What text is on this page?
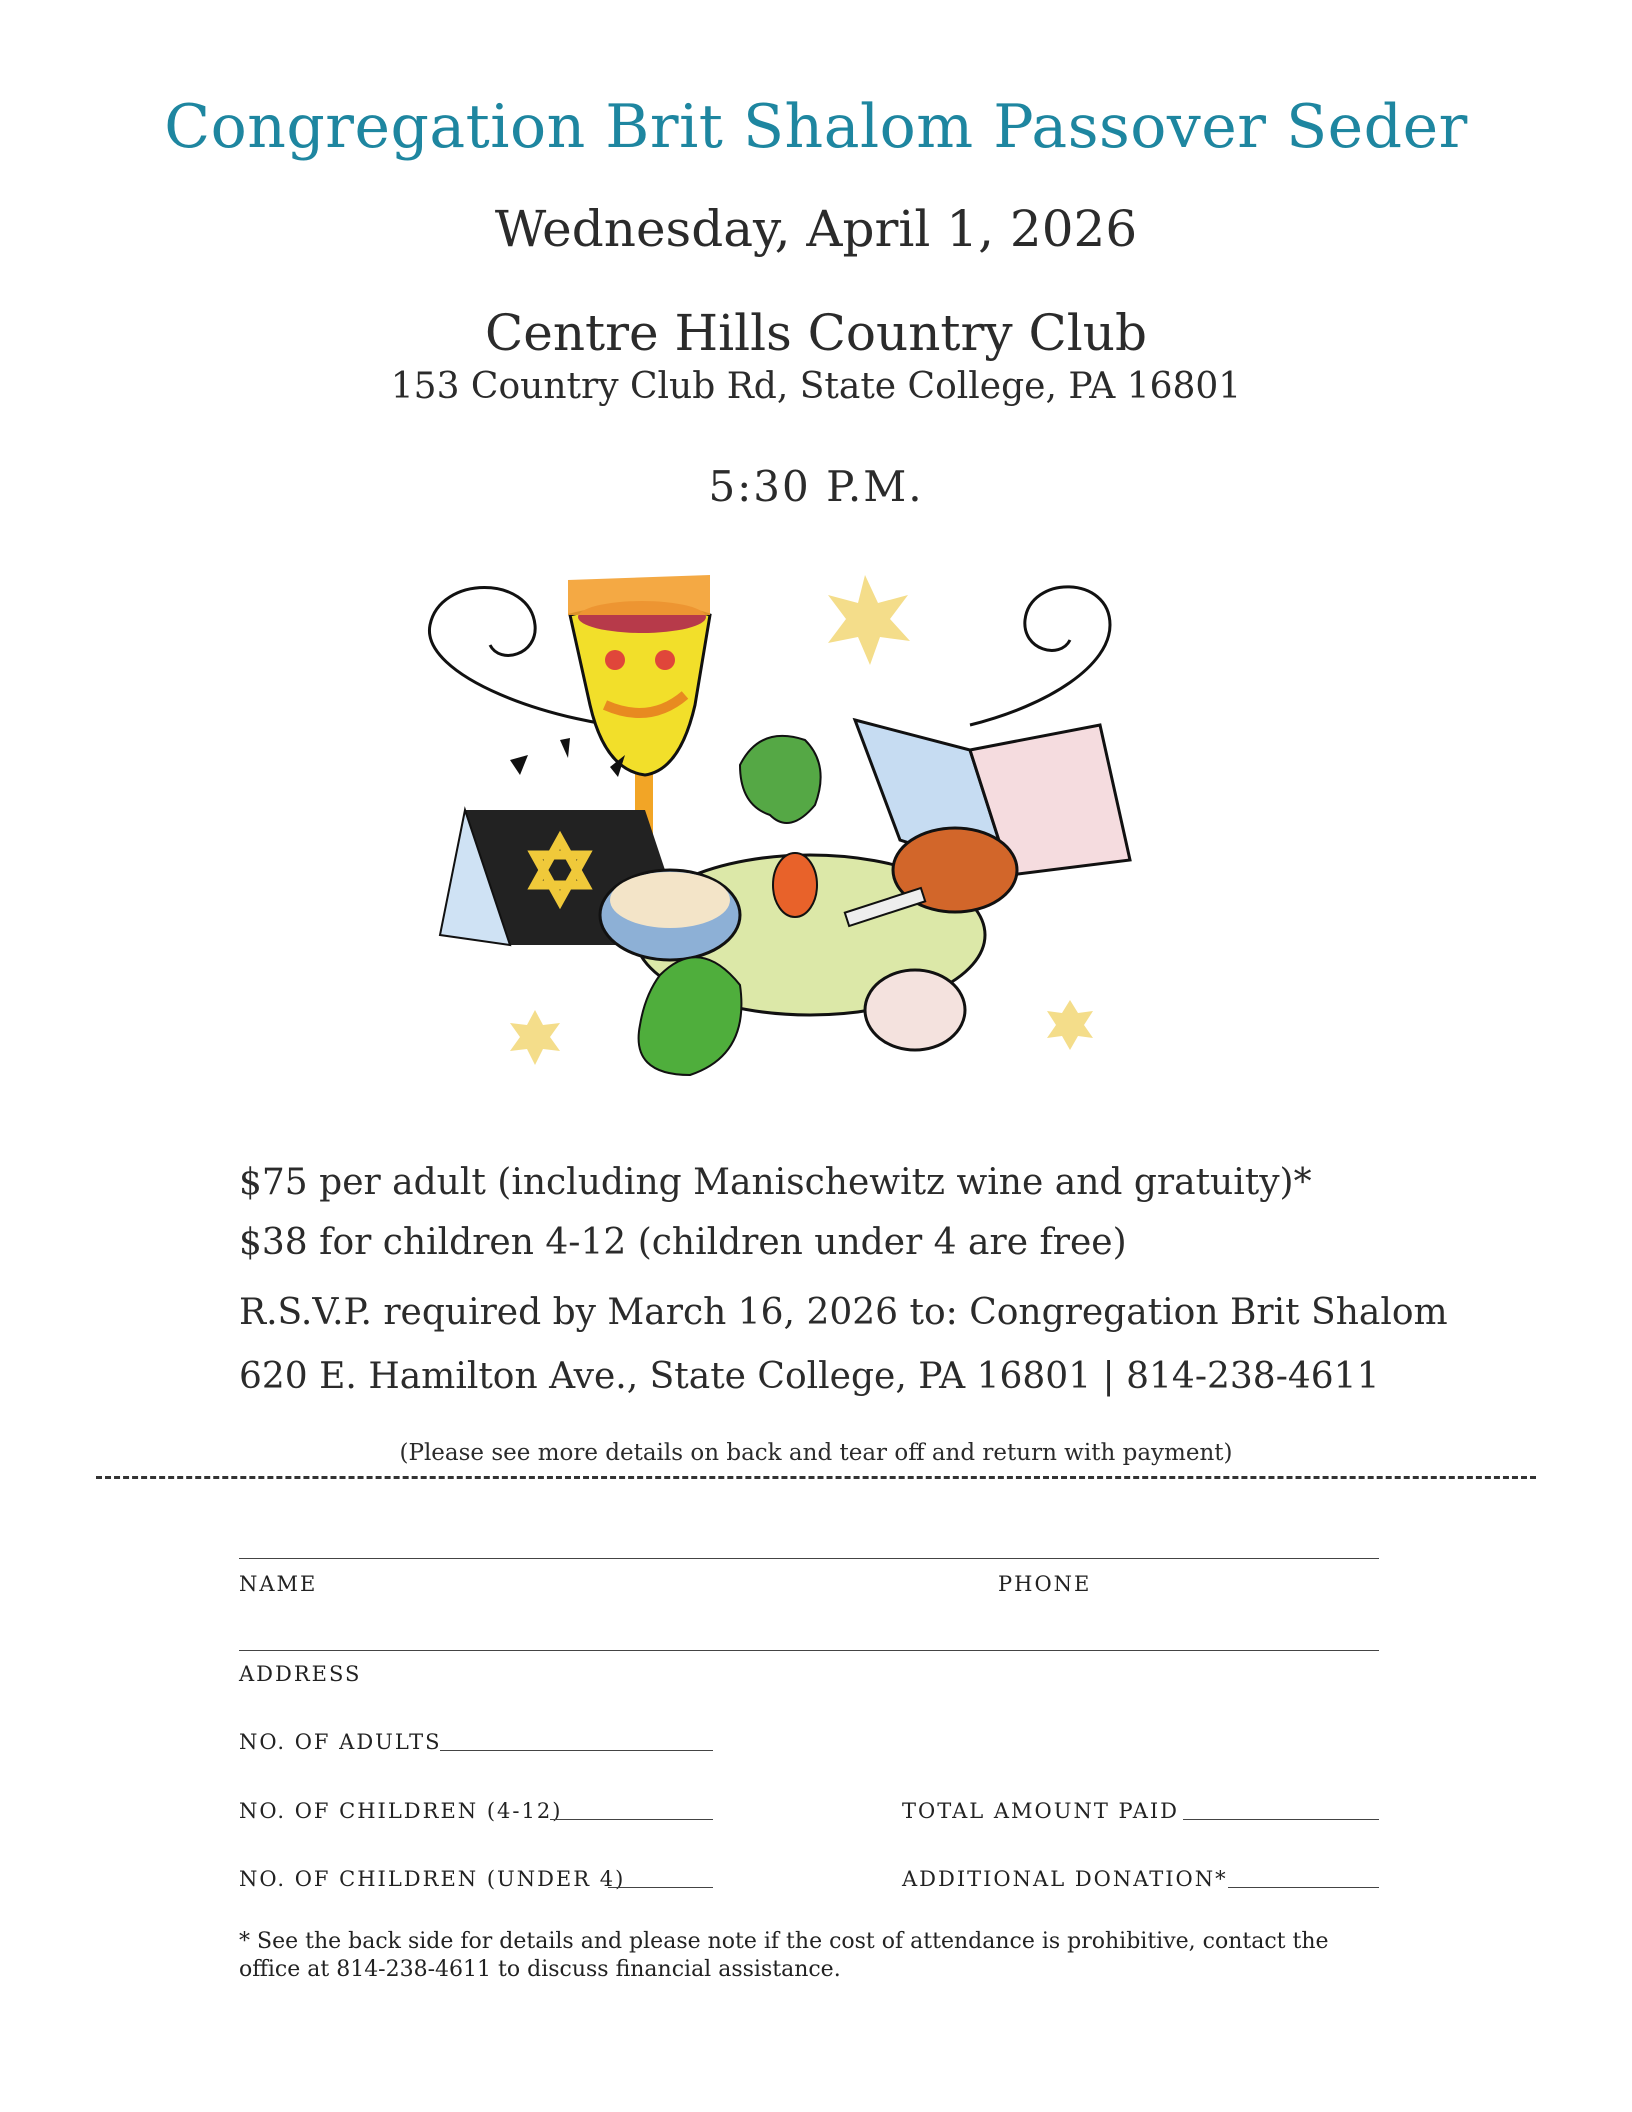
Congregation Brit Shalom Passover Seder
Wednesday, April 1, 2026
Centre Hills Country Club
153 Country Club Rd, State College, PA 16801
5:30 P.M.
$75 per adult (including Manischewitz wine and gratuity)*
$38 for children 4-12 (children under 4 are free)
R.S.V.P. required by March 16, 2026 to: Congregation Brit Shalom
620 E. Hamilton Ave., State College, PA 16801 | 814-238-4611
(Please see more details on back and tear off and return with payment)
NAME	PHONE
ADDRESS
NO. OF ADULTS
NO. OF CHILDREN (4-12)	TOTAL AMOUNT PAID
NO. OF CHILDREN (UNDER 4)	ADDITIONAL DONATION*
* See the back side for details and please note if the cost of attendance is prohibitive, contact the office at 814-238-4611 to discuss financial assistance.
